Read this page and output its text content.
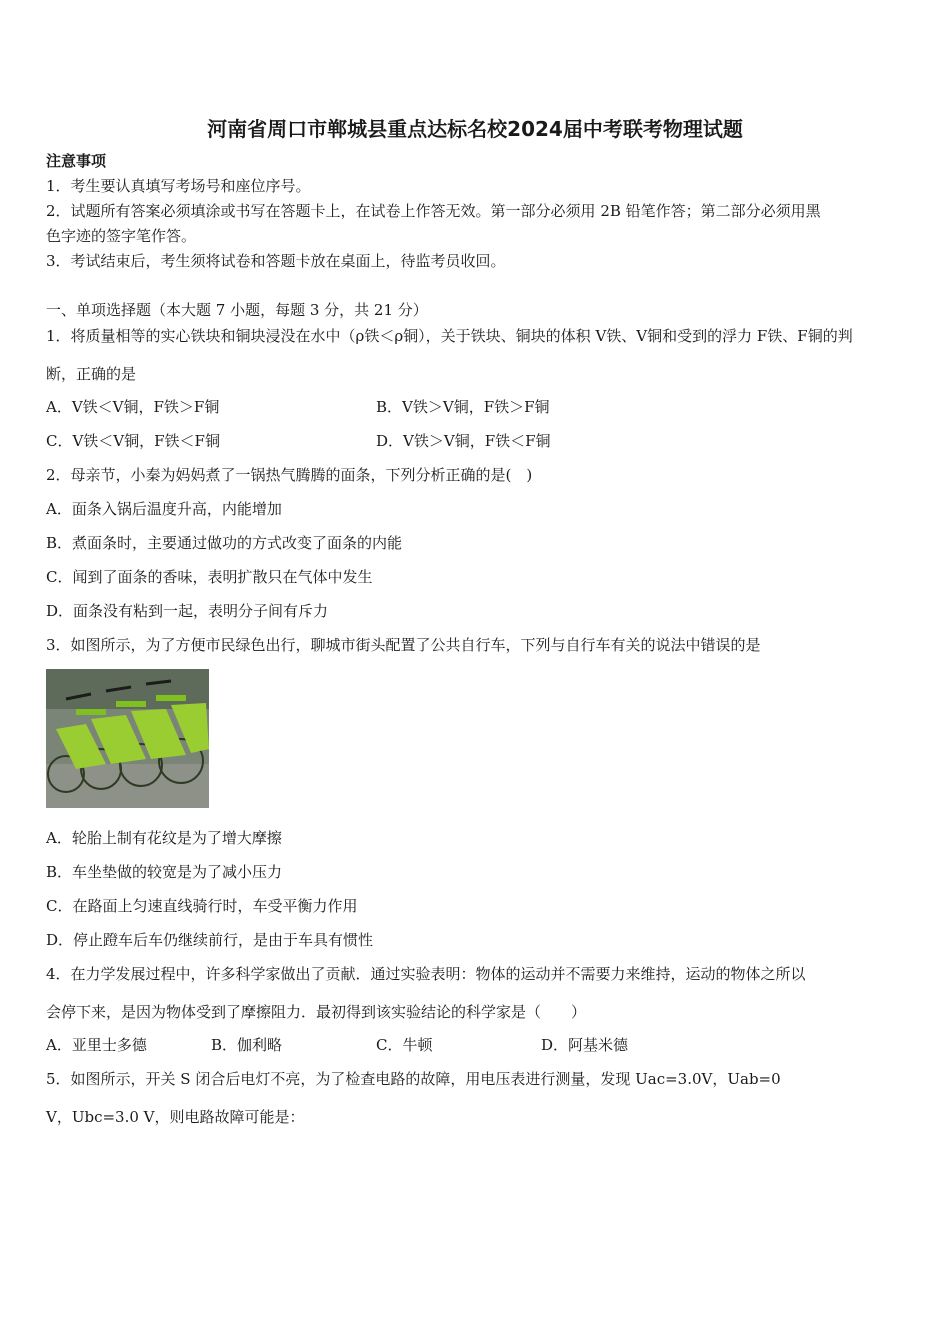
河南省周口市郸城县重点达标名校2024届中考联考物理试题
注意事项
1．考生要认真填写考场号和座位序号。
2．试题所有答案必须填涂或书写在答题卡上，在试卷上作答无效。第一部分必须用 2B 铅笔作答；第二部分必须用黑
色字迹的签字笔作答。
3．考试结束后，考生须将试卷和答题卡放在桌面上，待监考员收回。
一、单项选择题（本大题 7 小题，每题 3 分，共 21 分）
1．将质量相等的实心铁块和铜块浸没在水中（ρ铁＜ρ铜），关于铁块、铜块的体积 V铁、V铜和受到的浮力 F铁、F铜的判
断，正确的是
A．V铁＜V铜，F铁＞F铜	B．V铁＞V铜，F铁＞F铜
C．V铁＜V铜，F铁＜F铜	D．V铁＞V铜，F铁＜F铜
2．母亲节，小秦为妈妈煮了一锅热气腾腾的面条，下列分析正确的是(　)
A．面条入锅后温度升高，内能增加
B．煮面条时，主要通过做功的方式改变了面条的内能
C．闻到了面条的香味，表明扩散只在气体中发生
D．面条没有粘到一起，表明分子间有斥力
3．如图所示，为了方便市民绿色出行，聊城市街头配置了公共自行车，下列与自行车有关的说法中错误的是
A．轮胎上制有花纹是为了增大摩擦
B．车坐垫做的较宽是为了减小压力
C．在路面上匀速直线骑行时，车受平衡力作用
D．停止蹬车后车仍继续前行，是由于车具有惯性
4．在力学发展过程中，许多科学家做出了贡献．通过实验表明：物体的运动并不需要力来维持，运动的物体之所以
会停下来，是因为物体受到了摩擦阻力．最初得到该实验结论的科学家是（　　）
A．亚里士多德	B．伽利略	C．牛顿	D．阿基米德
5．如图所示，开关 S 闭合后电灯不亮，为了检查电路的故障，用电压表进行测量，发现 Uac=3.0V，Uab=0
V，Ubc=3.0 V，则电路故障可能是：
